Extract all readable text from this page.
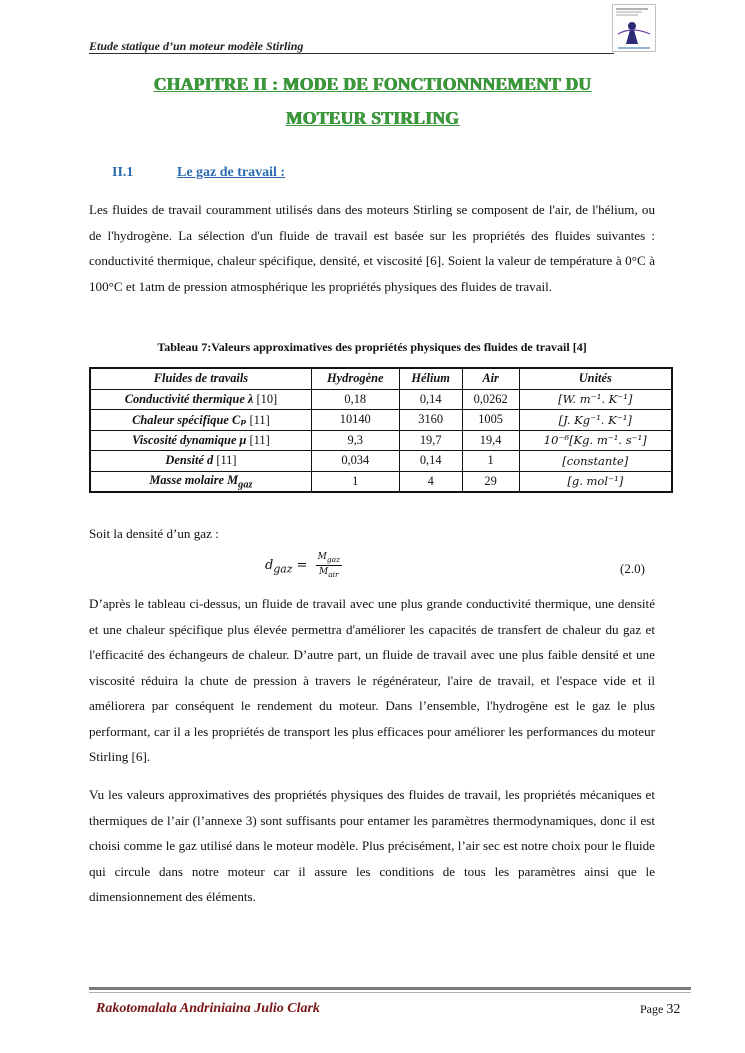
Etude statique d’un moteur modèle Stirling
CHAPITRE II : MODE DE FONCTIONNNEMENT DU
MOTEUR STIRLING
II.1	Le gaz de travail :
Les fluides de travail couramment utilisés dans des moteurs Stirling se composent de l'air, de l'hélium, ou de l'hydrogène. La sélection d'un fluide de travail est basée sur les propriétés des fluides suivantes : conductivité thermique, chaleur spécifique, densité, et viscosité [6]. Soient la valeur de température à 0°C à 100°C et 1atm de pression atmosphérique les propriétés physiques des fluides de travail.
Tableau 7:Valeurs approximatives des propriétés physiques des fluides de travail [4]
Fluides de travails	Hydrogène	Hélium	Air	Unités
Conductivité thermique λ [10]	0,18	0,14	0,0262	[W. m⁻¹. K⁻¹]
Chaleur spécifique Cₚ [11]	10140	3160	1005	[J. Kg⁻¹. K⁻¹]
Viscosité dynamique μ [11]	9,3	19,7	19,4	10⁻⁶[Kg. m⁻¹. s⁻¹]
Densité d [11]	0,034	0,14	1	[constante]
Masse molaire $M_{gaz}$	1	4	29	[g. mol⁻¹]
Soit la densité d’un gaz :
$d_{gaz} = \frac{M_{gaz}}{M_{air}}$	(2.0)
D’après le tableau ci-dessus, un fluide de travail avec une plus grande conductivité thermique, une densité et une chaleur spécifique plus élevée permettra d'améliorer les capacités de transfert de chaleur du gaz et l'efficacité des échangeurs de chaleur. D’autre part, un fluide de travail avec une plus faible densité et une viscosité réduira la chute de pression à travers le régénérateur, l'aire de travail, et l'espace vide et il améliorera par conséquent le rendement du moteur. Dans l’ensemble, l'hydrogène est le gaz le plus performant, car il a les propriétés de transport les plus efficaces pour améliorer les performances du moteur Stirling [6].
Vu les valeurs approximatives des propriétés physiques des fluides de travail, les propriétés mécaniques et thermiques de l’air (l’annexe 3) sont suffisants pour entamer les paramètres thermodynamiques, donc il est choisi comme le gaz utilisé dans le moteur modèle. Plus précisément, l’air sec est notre choix pour le fluide qui circule dans notre moteur car il assure les conditions de tous les paramètres ainsi que le dimensionnement des éléments.
Rakotomalala Andriniaina Julio Clark	Page 32
